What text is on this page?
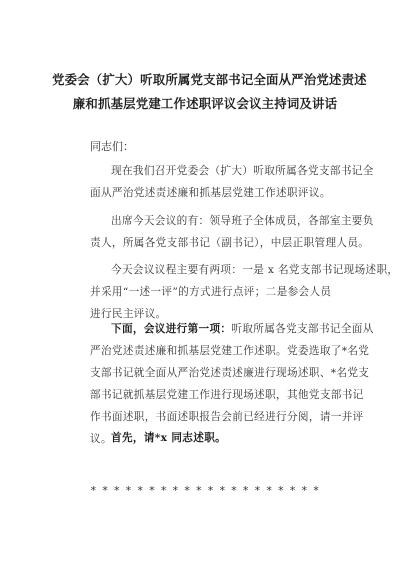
党委会（扩大）听取所属党支部书记全面从严治党述责述
廉和抓基层党建工作述职评议会议主持词及讲话
同志们：
现在我们召开党委会（扩大）听取所属各党支部书记全
面从严治党述责述廉和抓基层党建工作述职评议。
出席今天会议的有：领导班子全体成员，各部室主要负
责人，所属各党支部书记（副书记），中层正职管理人员。
今天会议议程主要有两项：一是 x 名党支部书记现场述职，
并采用“一述一评”的方式进行点评；二是参会人员
进行民主评议。
下面，会议进行第一项：听取所属各党支部书记全面从
严治党述责述廉和抓基层党建工作述职。党委选取了*名党
支部书记就全面从严治党述责述廉进行现场述职、*名党支
部书记就抓基层党建工作进行现场述职，其他党支部书记
作书面述职，书面述职报告会前已经进行分阅，请一并评
议。 首先，请*x 同志述职。
********************
